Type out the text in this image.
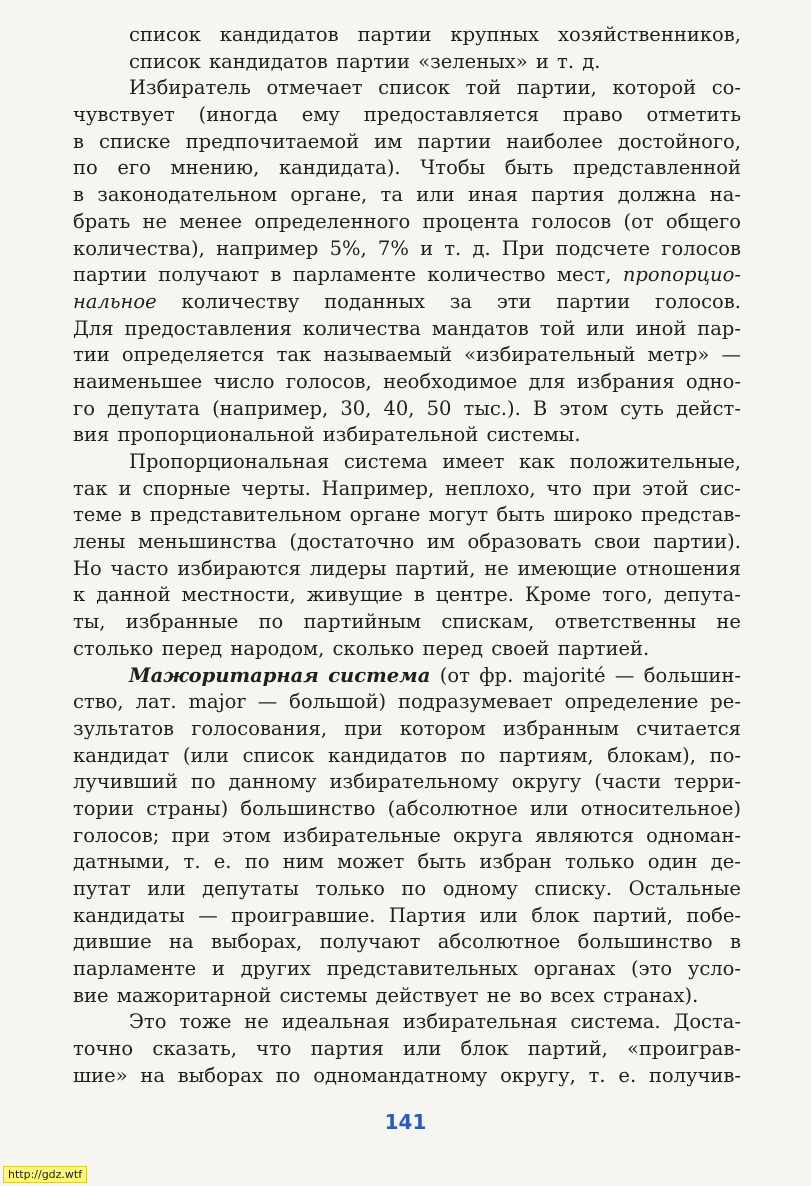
список кандидатов партии крупных хозяйственников,
список кандидатов партии «зеленых» и т. д.
Избиратель отмечает список той партии, которой со-
чувствует (иногда ему предоставляется право отметить
в списке предпочитаемой им партии наиболее достойного,
по его мнению, кандидата). Чтобы быть представленной
в законодательном органе, та или иная партия должна на-
брать не менее определенного процента голосов (от общего
количества), например 5%, 7% и т. д. При подсчете голосов
партии получают в парламенте количество мест, пропорцио-
нальное количеству поданных за эти партии голосов.
Для предоставления количества мандатов той или иной пар-
тии определяется так называемый «избирательный метр» —
наименьшее число голосов, необходимое для избрания одно-
го депутата (например, 30, 40, 50 тыс.). В этом суть дейст-
вия пропорциональной избирательной системы.
Пропорциональная система имеет как положительные,
так и спорные черты. Например, неплохо, что при этой сис-
теме в представительном органе могут быть широко представ-
лены меньшинства (достаточно им образовать свои партии).
Но часто избираются лидеры партий, не имеющие отношения
к данной местности, живущие в центре. Кроме того, депута-
ты, избранные по партийным спискам, ответственны не
столько перед народом, сколько перед своей партией.
Мажоритарная система (от фр. majorité — большин-
ство, лат. major — большой) подразумевает определение ре-
зультатов голосования, при котором избранным считается
кандидат (или список кандидатов по партиям, блокам), по-
лучивший по данному избирательному округу (части терри-
тории страны) большинство (абсолютное или относительное)
голосов; при этом избирательные округа являются одноман-
датными, т. е. по ним может быть избран только один де-
путат или депутаты только по одному списку. Остальные
кандидаты — проигравшие. Партия или блок партий, побе-
дившие на выборах, получают абсолютное большинство в
парламенте и других представительных органах (это усло-
вие мажоритарной системы действует не во всех странах).
Это тоже не идеальная избирательная система. Доста-
точно сказать, что партия или блок партий, «проиграв-
шие» на выборах по одномандатному округу, т. е. получив-
141
http://gdz.wtf
